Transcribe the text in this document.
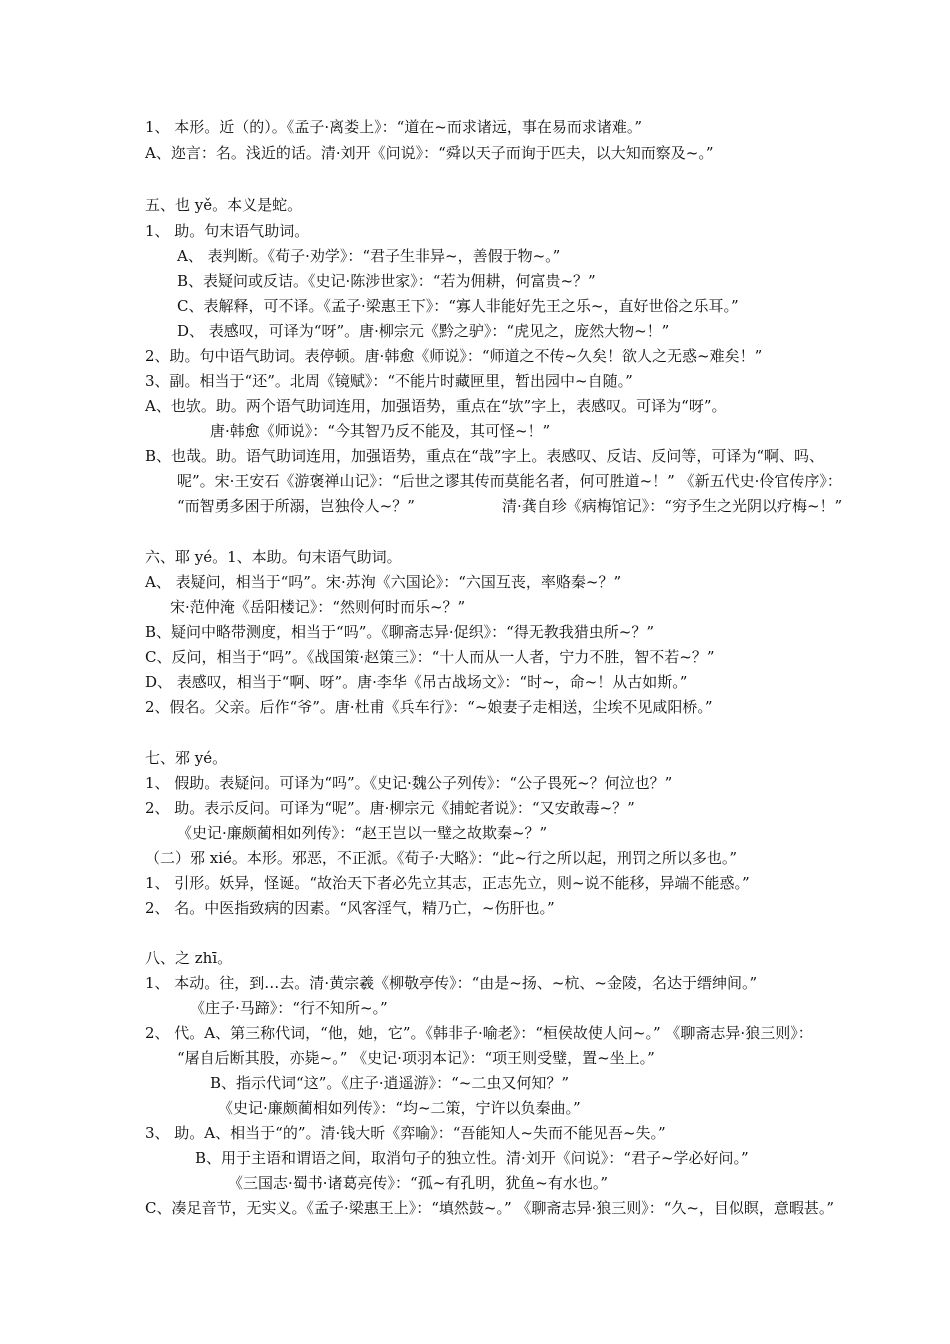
1、 本形。近（的）。《孟子·离娄上》：“道在~而求诸远，事在易而求诸难。”
A、迩言：名。浅近的话。清·刘开《问说》：“舜以天子而询于匹夫，以大知而察及~。”
五、也 yě。本义是蛇。
1、 助。句末语气助词。
A、 表判断。《荀子·劝学》：“君子生非异~，善假于物~。”
B、表疑问或反诘。《史记·陈涉世家》：“若为佣耕，何富贵~？”
C、表解释，可不译。《孟子·梁惠王下》：“寡人非能好先王之乐~，直好世俗之乐耳。”
D、 表感叹，可译为“呀”。唐·柳宗元《黔之驴》：“虎见之，庞然大物~！”
2、助。句中语气助词。表停顿。唐·韩愈《师说》：“师道之不传~久矣！欲人之无惑~难矣！”
3、副。相当于“还”。北周《镜赋》：“不能片时藏匣里，暂出园中~自随。”
A、也欤。助。两个语气助词连用，加强语势，重点在“欤”字上，表感叹。可译为“呀”。
唐·韩愈《师说》：“今其智乃反不能及，其可怪~！”
B、也哉。助。语气助词连用，加强语势，重点在“哉”字上。表感叹、反诘、反问等，可译为“啊、吗、
呢”。宋·王安石《游褒禅山记》：“后世之谬其传而莫能名者，何可胜道~！” 《新五代史·伶官传序》：
“而智勇多困于所溺，岂独伶人~？”	清·龚自珍《病梅馆记》：“穷予生之光阴以疗梅~！”
六、耶 yé。1、本助。句末语气助词。
A、 表疑问，相当于“吗”。宋·苏洵《六国论》：“六国互丧，率赂秦~？”
宋·范仲淹《岳阳楼记》：“然则何时而乐~？”
B、疑问中略带测度，相当于“吗”。《聊斋志异·促织》：“得无教我猎虫所~？”
C、反问，相当于“吗”。《战国策·赵策三》：“十人而从一人者，宁力不胜，智不若~？”
D、 表感叹，相当于“啊、呀”。唐·李华《吊古战场文》：“时~，命~！从古如斯。”
2、假名。父亲。后作“爷”。唐·杜甫《兵车行》：“~娘妻子走相送，尘埃不见咸阳桥。”
七、邪 yé。
1、 假助。表疑问。可译为“吗”。《史记·魏公子列传》：“公子畏死~？何泣也？”
2、 助。表示反问。可译为“呢”。唐·柳宗元《捕蛇者说》：“又安敢毒~？”
《史记·廉颇蔺相如列传》：“赵王岂以一璧之故欺秦~？”
（二）邪 xié。本形。邪恶，不正派。《荀子·大略》：“此~行之所以起，刑罚之所以多也。”
1、 引形。妖异，怪诞。“故治天下者必先立其志，正志先立，则~说不能移，异端不能惑。”
2、 名。中医指致病的因素。“风客淫气，精乃亡，~伤肝也。”
八、之 zhī。
1、 本动。往，到…去。清·黄宗羲《柳敬亭传》：“由是~扬、~杭、~金陵，名达于缙绅间。”
《庄子·马蹄》：“行不知所~。”
2、 代。A、第三称代词，“他，她，它”。《韩非子·喻老》：“桓侯故使人问~。” 《聊斋志异·狼三则》：
“屠自后断其股，亦毙~。” 《史记·项羽本记》：“项王则受璧，置~坐上。”
B、指示代词“这”。《庄子·逍遥游》：“~二虫又何知？”
《史记·廉颇蔺相如列传》：“均~二策，宁许以负秦曲。”
3、 助。A、相当于“的”。清·钱大昕《弈喻》：“吾能知人~失而不能见吾~失。”
B、用于主语和谓语之间，取消句子的独立性。清·刘开《问说》：“君子~学必好问。”
《三国志·蜀书·诸葛亮传》：“孤~有孔明，犹鱼~有水也。”
C、凑足音节，无实义。《孟子·梁惠王上》：“填然鼓~。” 《聊斋志异·狼三则》：“久~，目似瞑，意暇甚。”
